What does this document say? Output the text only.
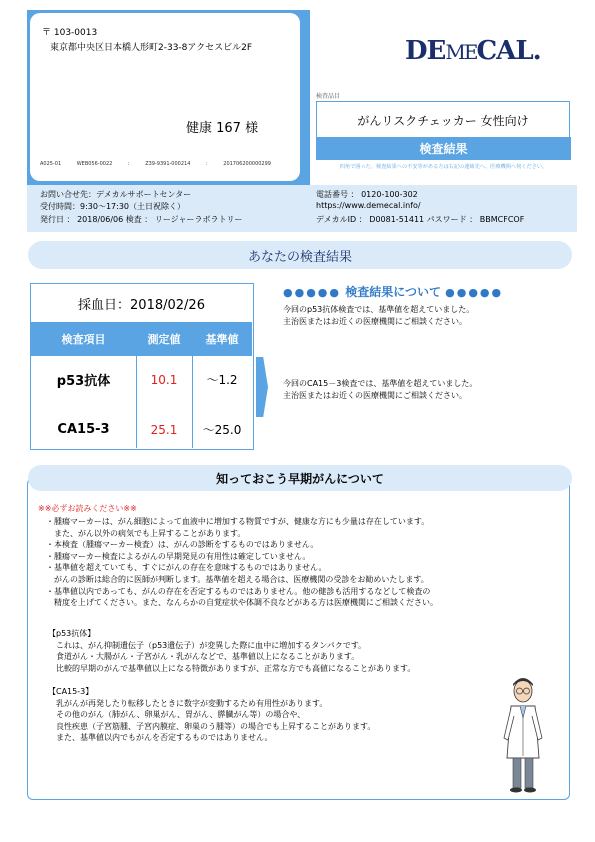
〒 103-0013
東京都中央区日本橋人形町2-33-8アクセスビル2F
健康 167 様
A025-01 WEB056-0022 : Z39-9391-000214 : 201706200000299
DEMECAL.
検査品目
がんリスクチェッカー 女性向け
検査結果
四角で囲った、検査結果への不安等がある方は右記の連絡先へ、医療機関へ伺ください。
お問い合せ先：デメカルサポートセンター
受付時間：9:30～17:30（土日祝除く）
発行日 ： 2018/06/06 検査 ： リージャーラボラトリー
電話番号 ： 0120-100-302
https://www.demecal.info/
デメカルID ： D0081-51411 パスワード ： BBMCFCOF
あなたの検査結果
採血日：2018/02/26
検査項目	測定値	基準値
p53抗体	10.1	～1.2
CA15-3	25.1	～25.0
●●●●● 検査結果について ●●●●●
今回のp53抗体検査では、基準値を超えていました。
主治医またはお近くの医療機関にご相談ください。
今回のCA15－3検査では、基準値を超えていました。
主治医またはお近くの医療機関にご相談ください。
知っておこう早期がんについて
※※必ずお読みください※※
・腫瘍マーカーは、がん細胞によって血液中に増加する物質ですが、健康な方にも少量は存在しています。
　また、がん以外の病気でも上昇することがあります。
・本検査（腫瘍マーカー検査）は、がんの診断をするものではありません。
・腫瘍マーカー検査によるがんの早期発見の有用性は確定していません。
・基準値を超えていても、すぐにがんの存在を意味するものではありません。
　がんの診断は総合的に医師が判断します。基準値を超える場合は、医療機関の受診をお勧めいたします。
・基準値以内であっても、がんの存在を否定するものではありません。他の健診も活用するなどして検査の
　精度を上げてください。また、なんらかの自覚症状や体調不良などがある方は医療機関にご相談ください。
【p53抗体】
　これは、がん抑制遺伝子（p53遺伝子）が変異した際に血中に増加するタンパクです。
　食道がん・大腸がん・子宮がん・乳がんなどで、基準値以上になることがあります。
　比較的早期のがんで基準値以上になる特徴がありますが、正常な方でも高値になることがあります。
【CA15-3】
　乳がんが再発したり転移したときに数字が変動するため有用性があります。
　その他のがん（肺がん、卵巣がん、胃がん、膵臓がん等）の場合や、
　良性疾患（子宮筋腫、子宮内膜症、卵巣のう腫等）の場合でも上昇することがあります。
　また、基準値以内でもがんを否定するものではありません。
